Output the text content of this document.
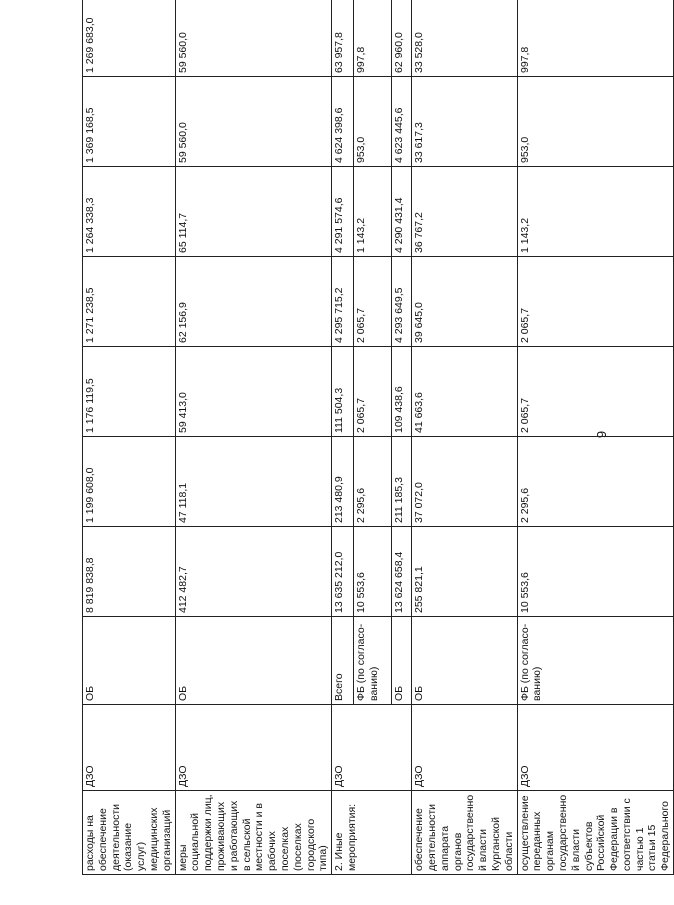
9
расходы на обеспечение деятельности (оказание услуг) медицинских организаций	ДЗО	ОБ	8 819 838,8	1 199 608,0	1 176 119,5	1 271 238,5	1 264 338,3	1 369 168,5	1 269 683,0	
меры социальной поддержки лиц, проживающих и работающих в сельской местности и в рабочих поселках (поселках городского типа)	ДЗО	ОБ	412 482,7	47 118,1	59 413,0	62 156,9	65 114,7	59 560,0	59 560,0	
2. Иные мероприятия:	ДЗО	Всего	13 635 212,0	213 480,9	111 504,3	4 295 715,2	4 291 574,6	4 624 398,6	63 957,8	
		ФБ (по согласо-ванию)	10 553,6	2 295,6	2 065,7	2 065,7	1 143,2	953,0	997,8	
		ОБ	13 624 658,4	211 185,3	109 438,6	4 293 649,5	4 290 431,4	4 623 445,6	62 960,0	
обеспечение деятельности аппарата органов государственной власти Курганской области	ДЗО	ОБ	255 821,1	37 072,0	41 663,6	39 645,0	36 767,2	33 617,3	33 528,0	
осуществление переданных органам государственной власти субъектов Российской Федерации в соответствии с частью 1 статьи 15 Федерального	ДЗО	ФБ (по согласо-ванию)	10 553,6	2 295,6	2 065,7	2 065,7	1 143,2	953,0	997,8	
